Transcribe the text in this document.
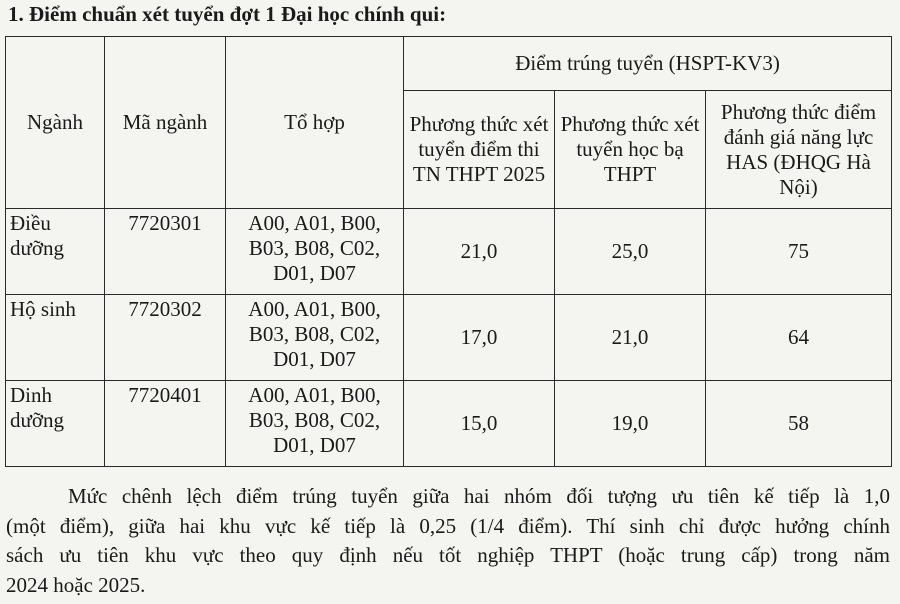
1. Điểm chuẩn xét tuyển đợt 1 Đại học chính qui:
Ngành	Mã ngành	Tổ hợp	Điểm trúng tuyển (HSPT-KV3)		
			Phương thức xét tuyển điểm thi TN THPT 2025	Phương thức xét tuyển học bạ THPT	Phương thức điểm đánh giá năng lực HAS (ĐHQG Hà Nội)
Điều dưỡng	7720301	A00, A01, B00, B03, B08, C02, D01, D07	21,0	25,0	75
Hộ sinh	7720302	A00, A01, B00, B03, B08, C02, D01, D07	17,0	21,0	64
Dinh dưỡng	7720401	A00, A01, B00, B03, B08, C02, D01, D07	15,0	19,0	58
Mức chênh lệch điểm trúng tuyển giữa hai nhóm đối tượng ưu tiên kế tiếp là 1,0
(một điểm), giữa hai khu vực kế tiếp là 0,25 (1/4 điểm). Thí sinh chỉ được hưởng chính
sách ưu tiên khu vực theo quy định nếu tốt nghiệp THPT (hoặc trung cấp) trong năm
2024 hoặc 2025.
